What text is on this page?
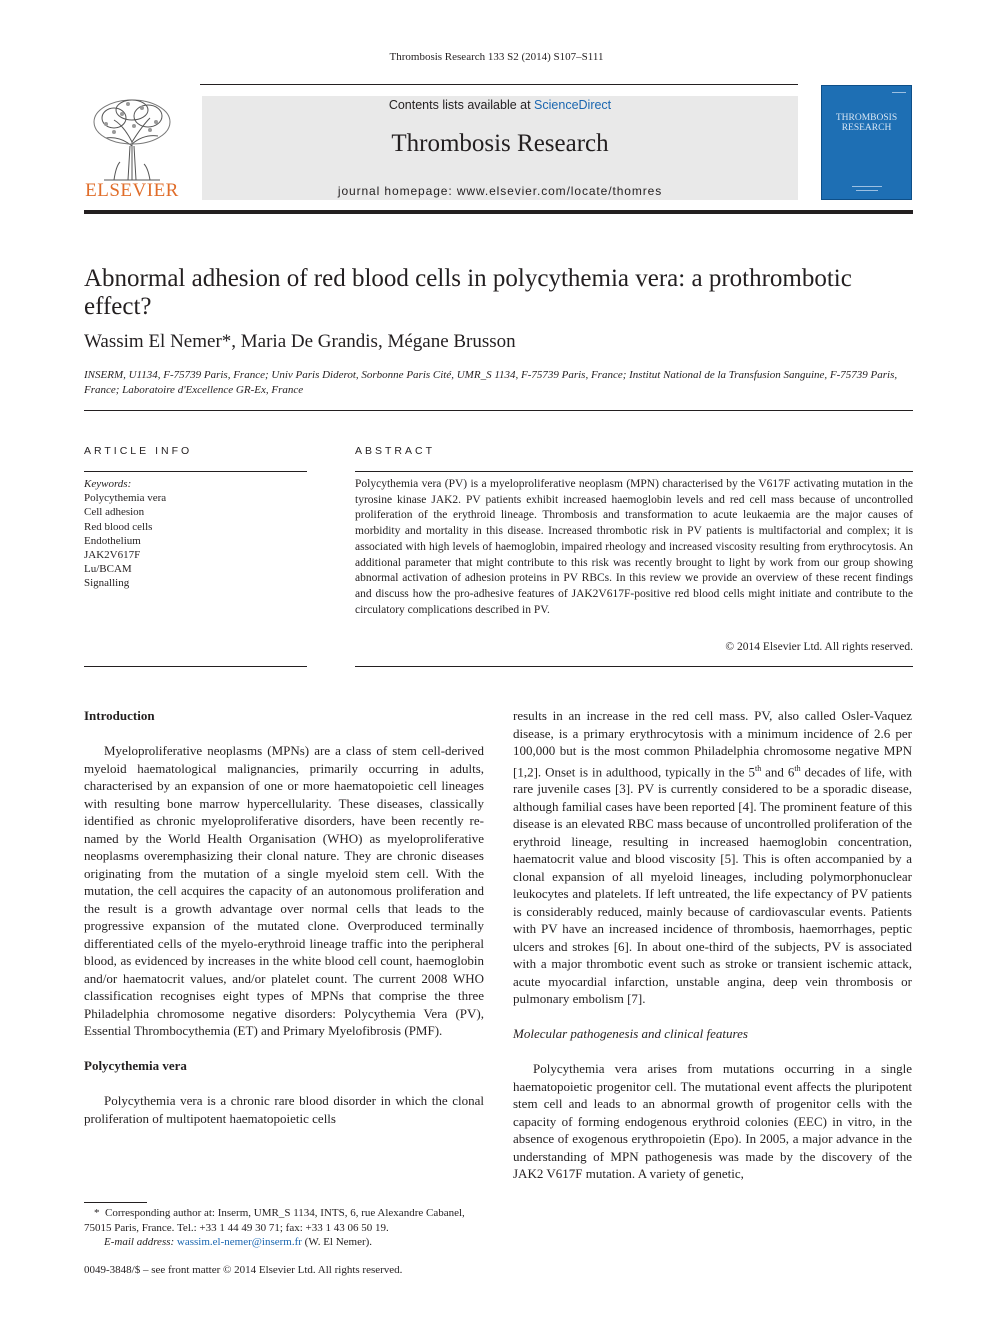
Thrombosis Research 133 S2 (2014) S107–S111
ELSEVIER
Contents lists available at ScienceDirect
Thrombosis Research
journal homepage: www.elsevier.com/locate/thomres
THROMBOSIS
RESEARCH
Abnormal adhesion of red blood cells in polycythemia vera: a prothrombotic effect?
Wassim El Nemer*, Maria De Grandis, Mégane Brusson
INSERM, U1134, F-75739 Paris, France; Univ Paris Diderot, Sorbonne Paris Cité, UMR_S 1134, F-75739 Paris, France; Institut National de la Transfusion Sanguine, F-75739 Paris, France; Laboratoire d'Excellence GR-Ex, France
ARTICLE INFO	ABSTRACT
Keywords:
Polycythemia vera
Cell adhesion
Red blood cells
Endothelium
JAK2V617F
Lu/BCAM
Signalling
Polycythemia vera (PV) is a myeloproliferative neoplasm (MPN) characterised by the V617F activating mutation in the tyrosine kinase JAK2. PV patients exhibit increased haemoglobin levels and red cell mass because of uncontrolled proliferation of the erythroid lineage. Thrombosis and transformation to acute leukaemia are the major causes of morbidity and mortality in this disease. Increased thrombotic risk in PV patients is multifactorial and complex; it is associated with high levels of haemoglobin, impaired rheology and increased viscosity resulting from erythrocytosis. An additional parameter that might contribute to this risk was recently brought to light by work from our group showing abnormal activation of adhesion proteins in PV RBCs. In this review we provide an overview of these recent findings and discuss how the pro-adhesive features of JAK2V617F-positive red blood cells might initiate and contribute to the circulatory complications described in PV.
© 2014 Elsevier Ltd. All rights reserved.
Introduction

Myeloproliferative neoplasms (MPNs) are a class of stem cell-derived myeloid haematological malignancies, primarily occurring in adults, characterised by an expansion of one or more haematopoietic cell lineages with resulting bone marrow hypercellularity. These diseases, classically identified as chronic myeloproliferative disorders, have been recently re-named by the World Health Organisation (WHO) as myeloproliferative neoplasms overemphasizing their clonal nature. They are chronic diseases originating from the mutation of a single myeloid stem cell. With the mutation, the cell acquires the capacity of an autonomous proliferation and the result is a growth advantage over normal cells that leads to the progressive expansion of the mutated clone. Overproduced terminally differentiated cells of the myelo-erythroid lineage traffic into the peripheral blood, as evidenced by increases in the white blood cell count, haemoglobin and/or haematocrit values, and/or platelet count. The current 2008 WHO classification recognises eight types of MPNs that comprise the three Philadelphia chromosome negative disorders: Polycythemia Vera (PV), Essential Thrombocythemia (ET) and Primary Myelofibrosis (PMF).

Polycythemia vera

Polycythemia vera is a chronic rare blood disorder in which the clonal proliferation of multipotent haematopoietic cells

results in an increase in the red cell mass. PV, also called Osler-Vaquez disease, is a primary erythrocytosis with a minimum incidence of 2.6 per 100,000 but is the most common Philadelphia chromosome negative MPN [1,2]. Onset is in adulthood, typically in the 5th and 6th decades of life, with rare juvenile cases [3]. PV is currently considered to be a sporadic disease, although familial cases have been reported [4]. The prominent feature of this disease is an elevated RBC mass because of uncontrolled proliferation of the erythroid lineage, resulting in increased haemoglobin concentration, haematocrit value and blood viscosity [5]. This is often accompanied by a clonal expansion of all myeloid lineages, including polymorphonuclear leukocytes and platelets. If left untreated, the life expectancy of PV patients is considerably reduced, mainly because of cardiovascular events. Patients with PV have an increased incidence of thrombosis, haemorrhages, peptic ulcers and strokes [6]. In about one-third of the subjects, PV is associated with a major thrombotic event such as stroke or transient ischemic attack, acute myocardial infarction, unstable angina, deep vein thrombosis or pulmonary embolism [7].

Molecular pathogenesis and clinical features

Polycythemia vera arises from mutations occurring in a single haematopoietic progenitor cell. The mutational event affects the pluripotent stem cell and leads to an abnormal growth of progenitor cells with the capacity of forming endogenous erythroid colonies (EEC) in vitro, in the absence of exogenous erythropoietin (Epo). In 2005, a major advance in the understanding of MPN pathogenesis was made by the discovery of the JAK2 V617F mutation. A variety of genetic,

* Corresponding author at: Inserm, UMR_S 1134, INTS, 6, rue Alexandre Cabanel, 75015 Paris, France. Tel.: +33 1 44 49 30 71; fax: +33 1 43 06 50 19.
E-mail address: wassim.el-nemer@inserm.fr (W. El Nemer).
0049-3848/$ – see front matter © 2014 Elsevier Ltd. All rights reserved.
